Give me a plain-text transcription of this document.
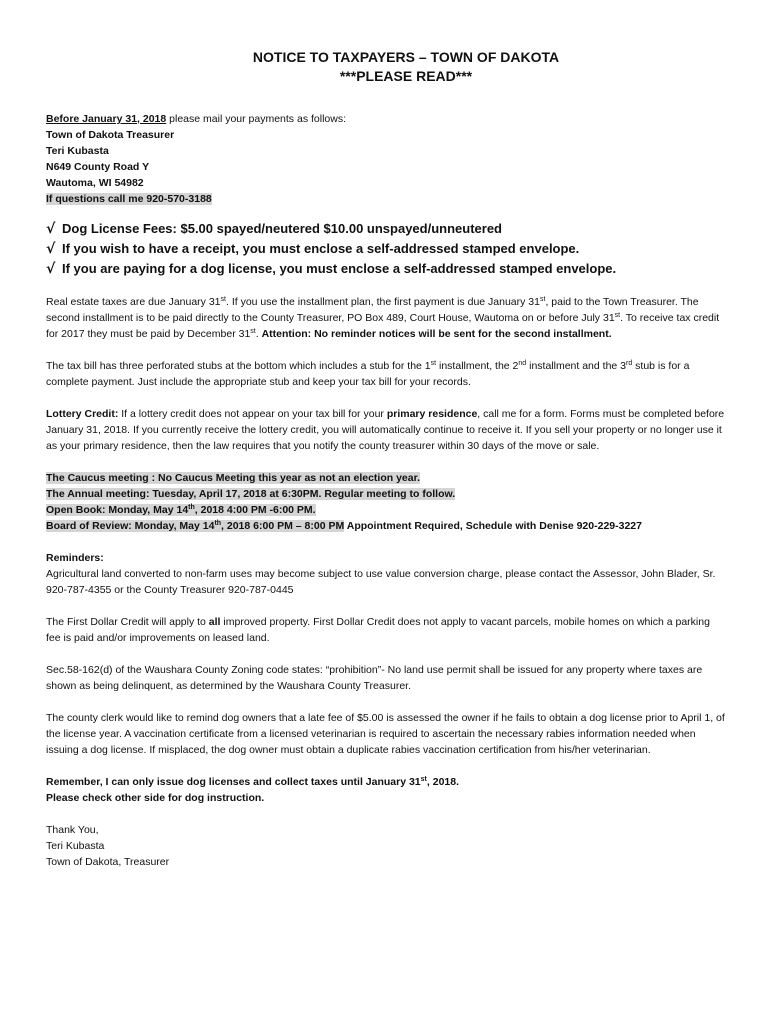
NOTICE TO TAXPAYERS – TOWN OF DAKOTA
***PLEASE READ***
Before January 31, 2018 please mail your payments as follows:
Town of Dakota Treasurer
Teri Kubasta
N649 County Road Y
Wautoma, WI 54982
If questions call me 920-570-3188
√ Dog License Fees: $5.00 spayed/neutered $10.00 unspayed/unneutered
√ If you wish to have a receipt, you must enclose a self-addressed stamped envelope.
√ If you are paying for a dog license, you must enclose a self-addressed stamped envelope.

Real estate taxes are due January 31st. If you use the installment plan, the first payment is due January 31st, paid to the Town Treasurer. The second installment is to be paid directly to the County Treasurer, PO Box 489, Court House, Wautoma on or before July 31st. To receive tax credit for 2017 they must be paid by December 31st. Attention: No reminder notices will be sent for the second installment.

The tax bill has three perforated stubs at the bottom which includes a stub for the 1st installment, the 2nd installment and the 3rd stub is for a complete payment. Just include the appropriate stub and keep your tax bill for your records.

Lottery Credit: If a lottery credit does not appear on your tax bill for your primary residence, call me for a form. Forms must be completed before January 31, 2018. If you currently receive the lottery credit, you will automatically continue to receive it. If you sell your property or no longer use it as your primary residence, then the law requires that you notify the county treasurer within 30 days of the move or sale.

The Caucus meeting : No Caucus Meeting this year as not an election year.
The Annual meeting: Tuesday, April 17, 2018 at 6:30PM. Regular meeting to follow.
Open Book: Monday, May 14th, 2018 4:00 PM -6:00 PM.
Board of Review: Monday, May 14th, 2018 6:00 PM – 8:00 PM Appointment Required, Schedule with Denise 920-229-3227
Reminders:

Agricultural land converted to non-farm uses may become subject to use value conversion charge, please contact the Assessor, John Blader, Sr. 920-787-4355 or the County Treasurer 920-787-0445

The First Dollar Credit will apply to all improved property. First Dollar Credit does not apply to vacant parcels, mobile homes on which a parking fee is paid and/or improvements on leased land.

Sec.58-162(d) of the Waushara County Zoning code states: “prohibition”- No land use permit shall be issued for any property where taxes are shown as being delinquent, as determined by the Waushara County Treasurer.

The county clerk would like to remind dog owners that a late fee of $5.00 is assessed the owner if he fails to obtain a dog license prior to April 1, of the license year. A vaccination certificate from a licensed veterinarian is required to ascertain the necessary rabies information needed when issuing a dog license. If misplaced, the dog owner must obtain a duplicate rabies vaccination certification from his/her veterinarian.

Remember, I can only issue dog licenses and collect taxes until January 31st, 2018.
Please check other side for dog instruction.
Thank You,
Teri Kubasta
Town of Dakota, Treasurer
